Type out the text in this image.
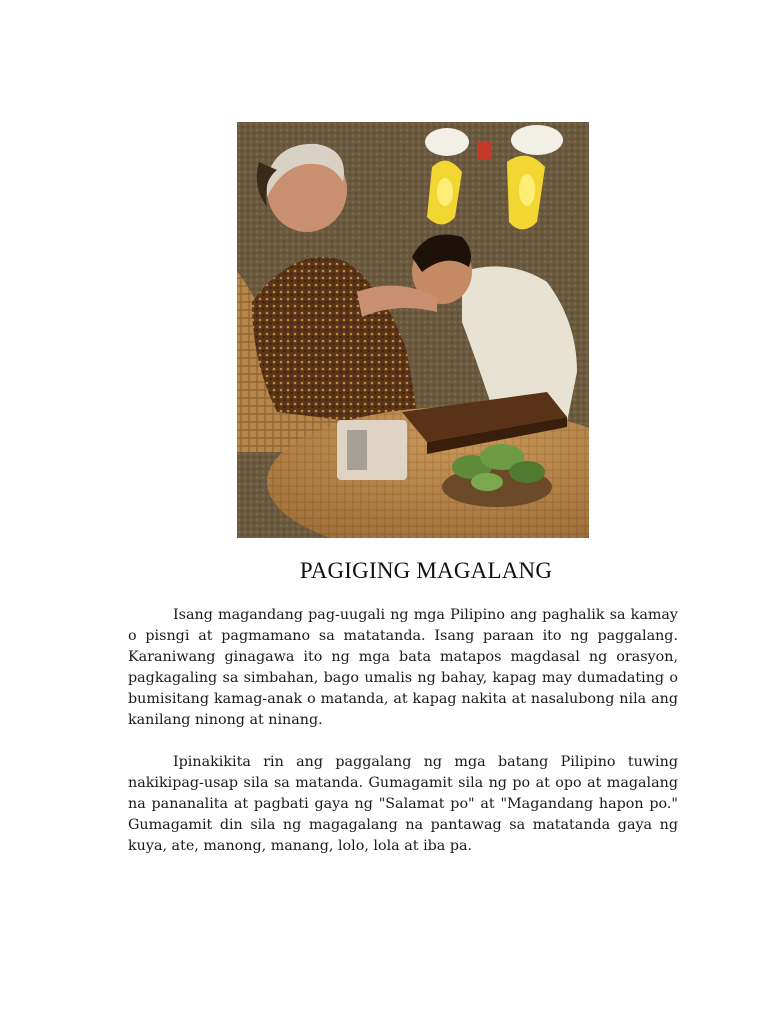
PAGIGING MAGALANG

Isang magandang pag-uugali ng mga Pilipino ang paghalik sa kamay o pisngi at pagmamano sa matatanda. Isang paraan ito ng paggalang. Karaniwang ginagawa ito ng mga bata matapos magdasal ng orasyon, pagkagaling sa simbahan, bago umalis ng bahay, kapag may dumadating o bumisitang kamag-anak o matanda, at kapag nakita at nasalubong nila ang kanilang ninong at ninang.

Ipinakikita rin ang paggalang ng mga batang Pilipino tuwing nakikipag-usap sila sa matanda. Gumagamit sila ng po at opo at magalang na pananalita at pagbati gaya ng "Salamat po" at "Magandang hapon po." Gumagamit din sila ng magagalang na pantawag sa matatanda gaya ng kuya, ate, manong, manang, lolo, lola at iba pa.
